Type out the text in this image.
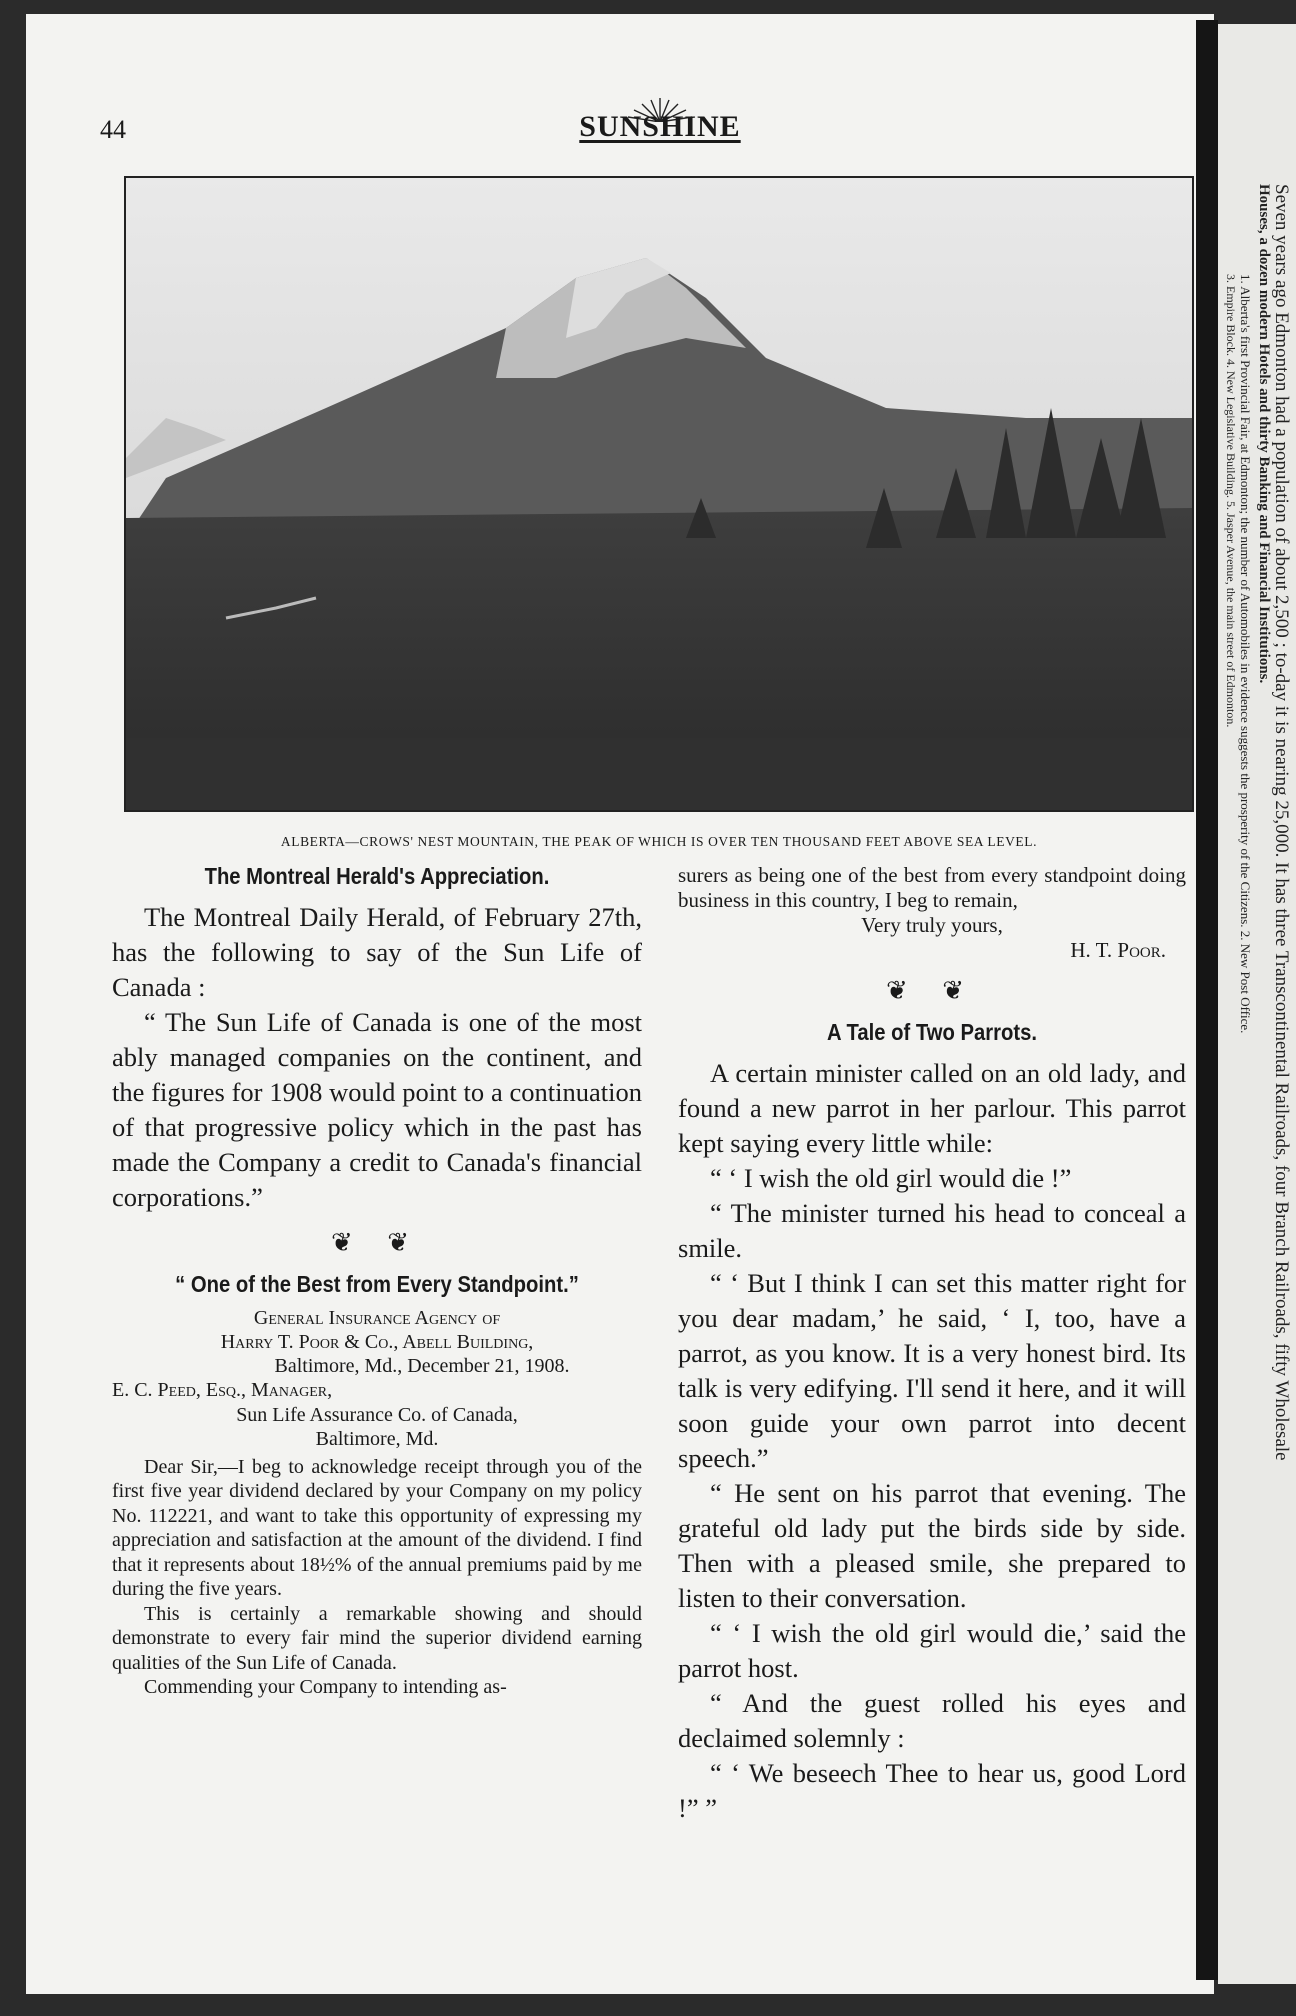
Seven years ago Edmonton had a population of about 2,500 ; to-day it is nearing 25,000. It has three Transcontinental Railroads, four Branch Railroads, fifty Wholesale
Houses, a dozen modern Hotels and thirty Banking and Financial Institutions.
1. Alberta's first Provincial Fair, at Edmonton; the number of Automobiles in evidence suggests the prosperity of the Citizens. 2. New Post Office.
3. Empire Block. 4. New Legislative Building. 5. Jasper Avenue, the main street of Edmonton.
44	SUNSHINE
ALBERTA—CROWS' NEST MOUNTAIN, THE PEAK OF WHICH IS OVER TEN THOUSAND FEET ABOVE SEA LEVEL.
The Montreal Herald's Appreciation.

The Montreal Daily Herald, of February 27th, has the following to say of the Sun Life of Canada :

“ The Sun Life of Canada is one of the most ably managed companies on the continent, and the figures for 1908 would point to a continuation of that progressive policy which in the past has made the Company a credit to Canada's financial corporations.”

❦ ❦
“ One of the Best from Every Standpoint.”

General Insurance Agency of

Harry T. Poor & Co., Abell Building,

Baltimore, Md., December 21, 1908.

E. C. Peed, Esq., Manager,

Sun Life Assurance Co. of Canada,

Baltimore, Md.

Dear Sir,—I beg to acknowledge receipt through you of the first five year dividend declared by your Company on my policy No. 112221, and want to take this opportunity of expressing my appreciation and satisfaction at the amount of the dividend. I find that it represents about 18½% of the annual premiums paid by me during the five years.

This is certainly a remarkable showing and should demonstrate to every fair mind the superior dividend earning qualities of the Sun Life of Canada.

Commending your Company to intending as-

surers as being one of the best from every standpoint doing business in this country, I beg to remain,

Very truly yours,

H. T. Poor.

❦ ❦
A Tale of Two Parrots.

A certain minister called on an old lady, and found a new parrot in her parlour. This parrot kept saying every little while:

“ ‘ I wish the old girl would die !”

“ The minister turned his head to conceal a smile.

“ ‘ But I think I can set this matter right for you dear madam,’ he said, ‘ I, too, have a parrot, as you know. It is a very honest bird. Its talk is very edifying. I'll send it here, and it will soon guide your own parrot into decent speech.”

“ He sent on his parrot that evening. The grateful old lady put the birds side by side. Then with a pleased smile, she prepared to listen to their conversation.

“ ‘ I wish the old girl would die,’ said the parrot host.

“ And the guest rolled his eyes and declaimed solemnly :

“ ‘ We beseech Thee to hear us, good Lord !” ”
